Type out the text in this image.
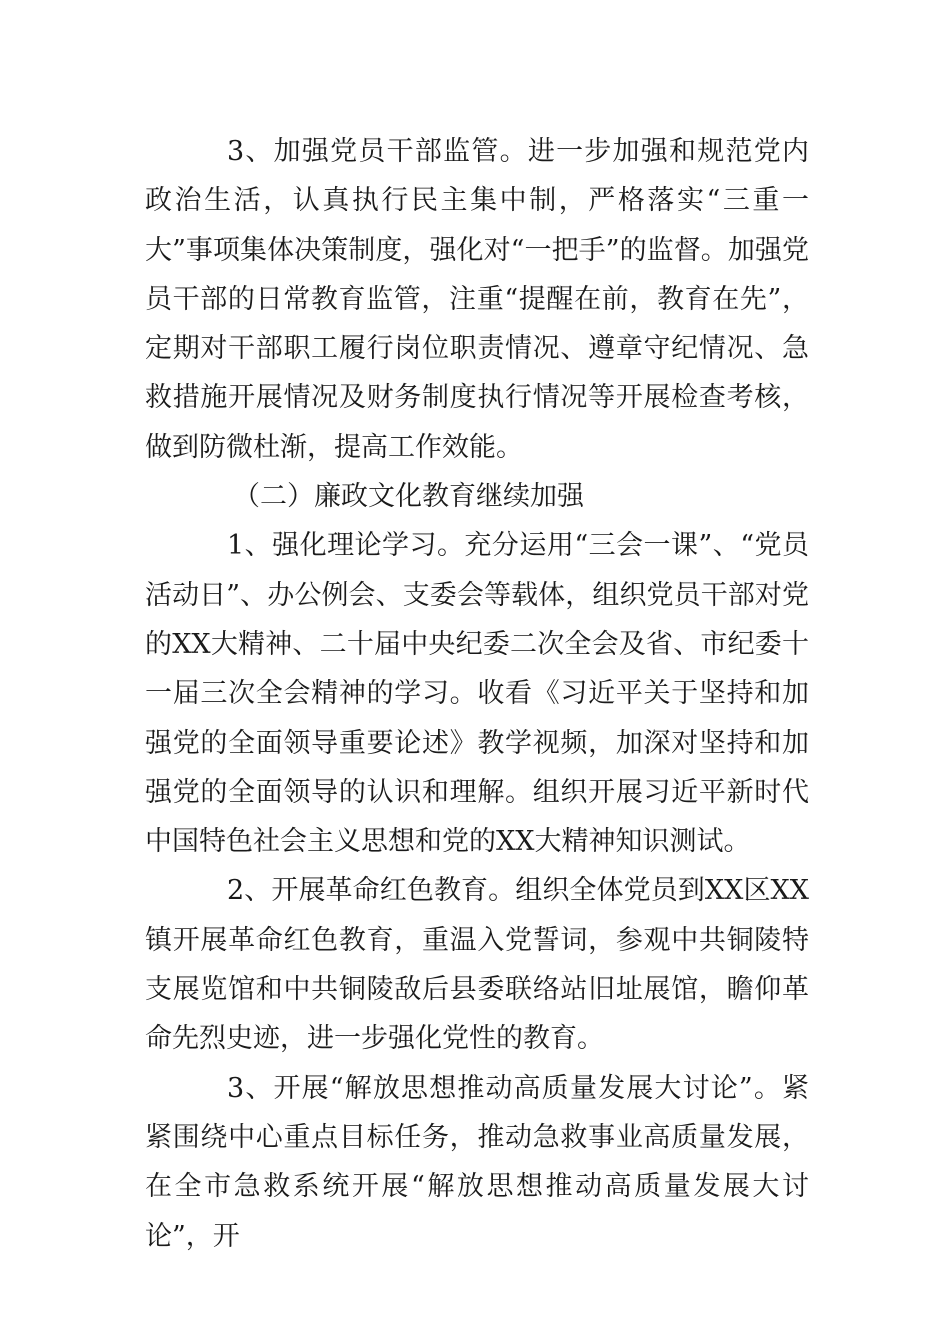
3、加强党员干部监管。进一步加强和规范党内政治生活，认真执行民主集中制，严格落实“三重一大”事项集体决策制度，强化对“一把手”的监督。加强党员干部的日常教育监管，注重“提醒在前，教育在先”，定期对干部职工履行岗位职责情况、遵章守纪情况、急救措施开展情况及财务制度执行情况等开展检查考核，做到防微杜渐，提高工作效能。

（二）廉政文化教育继续加强

1、强化理论学习。充分运用“三会一课”、“党员活动日”、办公例会、支委会等载体，组织党员干部对党的XX大精神、二十届中央纪委二次全会及省、市纪委十一届三次全会精神的学习。收看《习近平关于坚持和加强党的全面领导重要论述》教学视频，加深对坚持和加强党的全面领导的认识和理解。组织开展习近平新时代中国特色社会主义思想和党的XX大精神知识测试。

2、开展革命红色教育。组织全体党员到XX区XX镇开展革命红色教育，重温入党誓词，参观中共铜陵特支展览馆和中共铜陵敌后县委联络站旧址展馆，瞻仰革命先烈史迹，进一步强化党性的教育。

3、开展“解放思想推动高质量发展大讨论”。紧紧围绕中心重点目标任务，推动急救事业高质量发展，在全市急救系统开展“解放思想推动高质量发展大讨论”，开
